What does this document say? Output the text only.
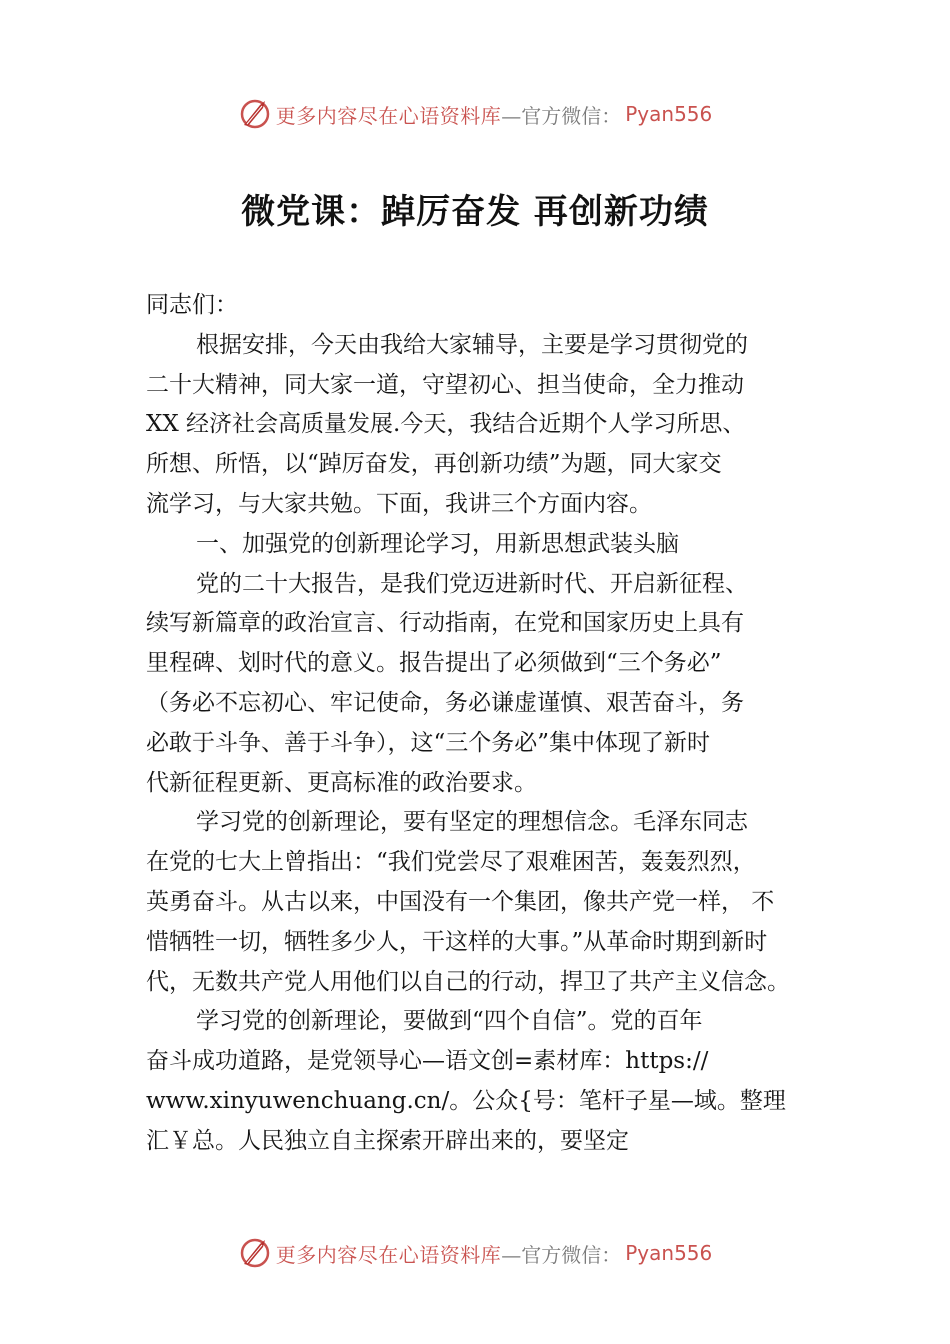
更多内容尽在心语资料库 —官方微信： Pyan556
微党课：踔厉奋发 再创新功绩
同志们：
根据安排，今天由我给大家辅导，主要是学习贯彻党的
二十大精神，同大家一道，守望初心、担当使命，全力推动
XX 经济社会高质量发展.今天，我结合近期个人学习所思、
所想、所悟，以“踔厉奋发，再创新功绩”为题，同大家交
流学习，与大家共勉。下面，我讲三个方面内容。
一、加强党的创新理论学习，用新思想武装头脑
党的二十大报告，是我们党迈进新时代、开启新征程、
续写新篇章的政治宣言、行动指南，在党和国家历史上具有
里程碑、划时代的意义。报告提出了必须做到“三个务必”
（务必不忘初心、牢记使命，务必谦虚谨慎、艰苦奋斗，务
必敢于斗争、善于斗争），这“三个务必”集中体现了新时
代新征程更新、更高标准的政治要求。
学习党的创新理论，要有坚定的理想信念。毛泽东同志
在党的七大上曾指出：“我们党尝尽了艰难困苦，轰轰烈烈，
英勇奋斗。从古以来，中国没有一个集团，像共产党一样， 不
惜牺牲一切，牺牲多少人，干这样的大事。”从革命时期到新时
代，无数共产党人用他们以自己的行动，捍卫了共产主义信念。
学习党的创新理论，要做到“四个自信”。党的百年
奋斗成功道路，是党领导心—语文创=素材库：https://
www.xinyuwenchuang.cn/。公众{号：笔杆子星—域。整理
汇￥总。人民独立自主探索开辟出来的，要坚定
更多内容尽在心语资料库 —官方微信： Pyan556
